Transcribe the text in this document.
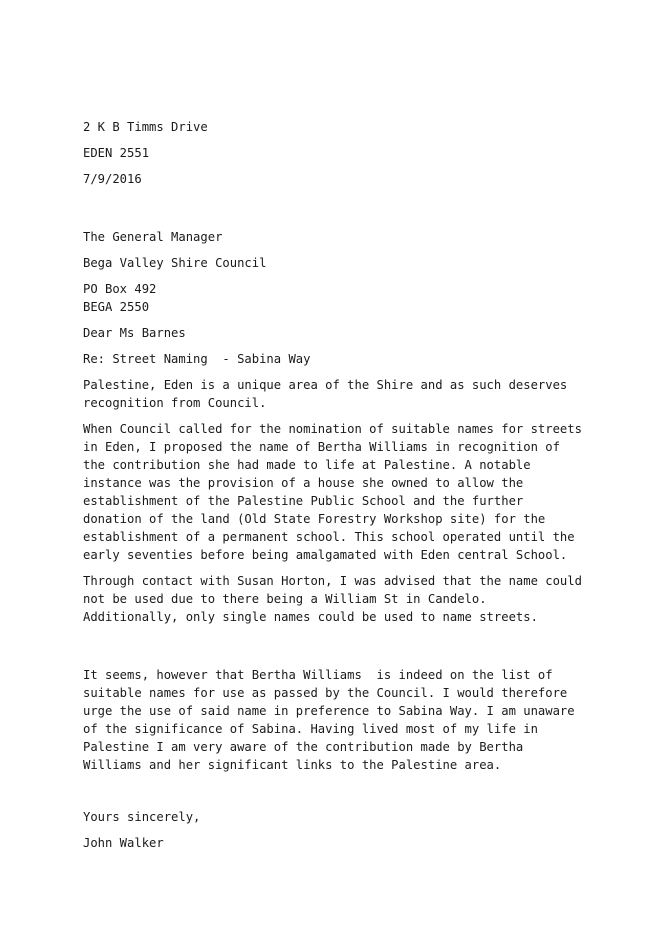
2 K B Timms Drive
EDEN 2551
7/9/2016
The General Manager
Bega Valley Shire Council
PO Box 492
BEGA 2550
Dear Ms Barnes
Re: Street Naming  - Sabina Way
Palestine, Eden is a unique area of the Shire and as such deserves
recognition from Council.
When Council called for the nomination of suitable names for streets
in Eden, I proposed the name of Bertha Williams in recognition of
the contribution she had made to life at Palestine. A notable
instance was the provision of a house she owned to allow the
establishment of the Palestine Public School and the further
donation of the land (Old State Forestry Workshop site) for the
establishment of a permanent school. This school operated until the
early seventies before being amalgamated with Eden central School.
Through contact with Susan Horton, I was advised that the name could
not be used due to there being a William St in Candelo.
Additionally, only single names could be used to name streets.
It seems, however that Bertha Williams  is indeed on the list of
suitable names for use as passed by the Council. I would therefore
urge the use of said name in preference to Sabina Way. I am unaware
of the significance of Sabina. Having lived most of my life in
Palestine I am very aware of the contribution made by Bertha
Williams and her significant links to the Palestine area.
Yours sincerely,
John Walker
